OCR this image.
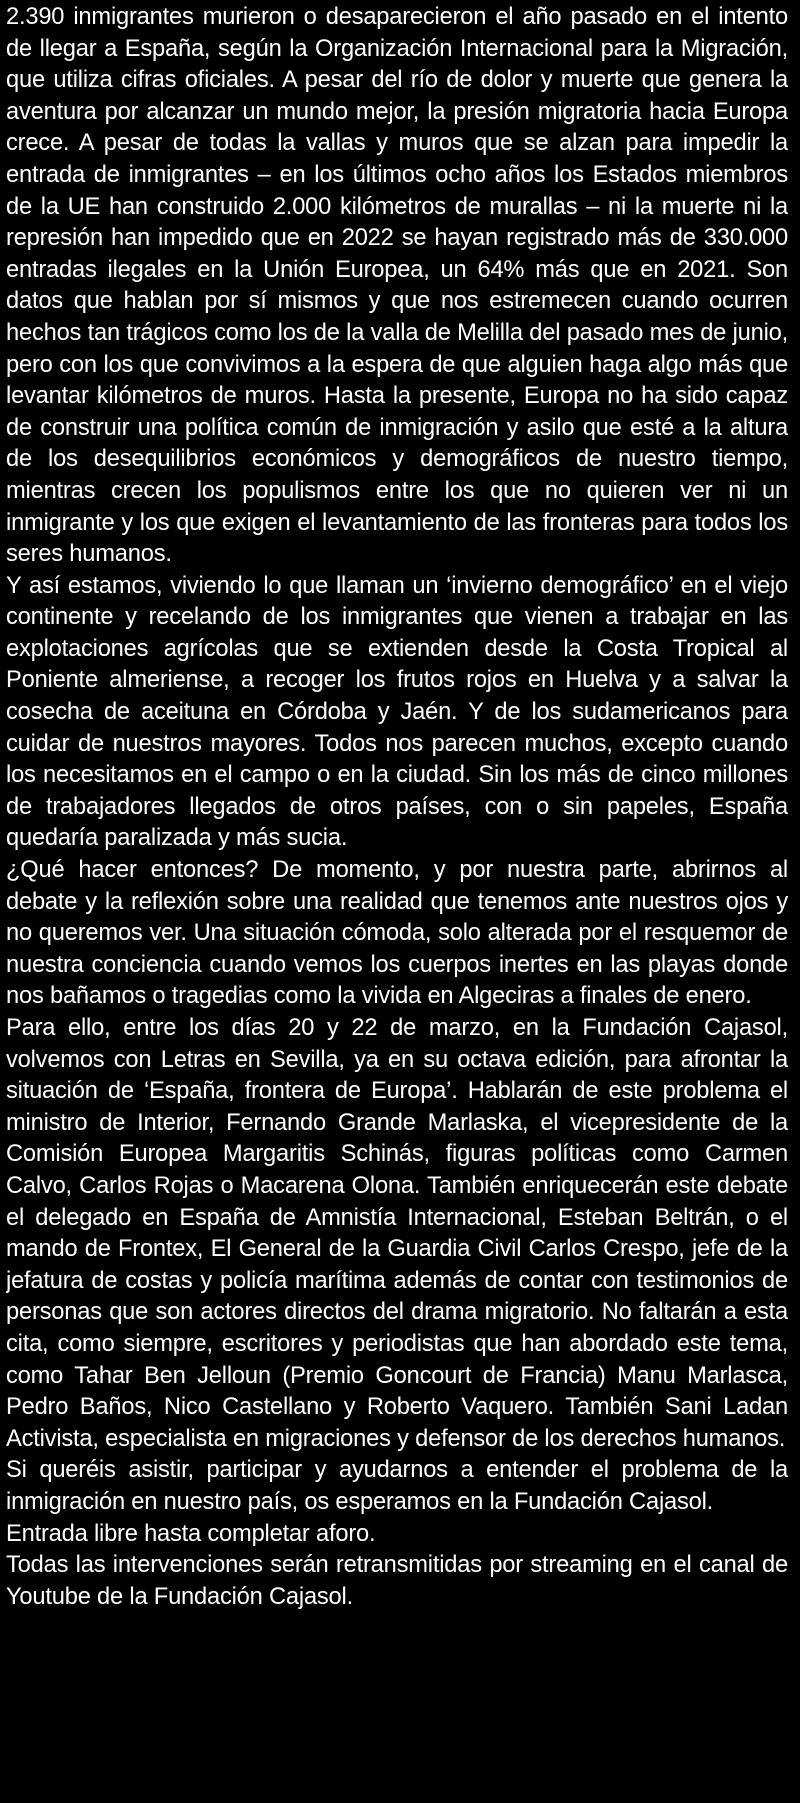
2.390 inmigrantes murieron o desaparecieron el año pasado en el intento de llegar a España, según la Organización Internacional para la Migración, que utiliza cifras oficiales. A pesar del río de dolor y muerte que genera la aventura por alcanzar un mundo mejor, la presión migratoria hacia Europa crece. A pesar de todas la vallas y muros que se alzan para impedir la entrada de inmigrantes – en los últimos ocho años los Estados miembros de la UE han construido 2.000 kilómetros de murallas – ni la muerte ni la represión han impedido que en 2022 se hayan registrado más de 330.000 entradas ilegales en la Unión Europea, un 64% más que en 2021. Son datos que hablan por sí mismos y que nos estremecen cuando ocurren hechos tan trágicos como los de la valla de Melilla del pasado mes de junio, pero con los que convivimos a la espera de que alguien haga algo más que levantar kilómetros de muros. Hasta la presente, Europa no ha sido capaz de construir una política común de inmigración y asilo que esté a la altura de los desequilibrios económicos y demográficos de nuestro tiempo, mientras crecen los populismos entre los que no quieren ver ni un inmigrante y los que exigen el levantamiento de las fronteras para todos los seres humanos.

Y así estamos, viviendo lo que llaman un ‘invierno demográfico’ en el viejo continente y recelando de los inmigrantes que vienen a trabajar en las explotaciones agrícolas que se extienden desde la Costa Tropical al Poniente almeriense, a recoger los frutos rojos en Huelva y a salvar la cosecha de aceituna en Córdoba y Jaén. Y de los sudamericanos para cuidar de nuestros mayores. Todos nos parecen muchos, excepto cuando los necesitamos en el campo o en la ciudad. Sin los más de cinco millones de trabajadores llegados de otros países, con o sin papeles, España quedaría paralizada y más sucia.

¿Qué hacer entonces? De momento, y por nuestra parte, abrirnos al debate y la reflexión sobre una realidad que tenemos ante nuestros ojos y no queremos ver. Una situación cómoda, solo alterada por el resquemor de nuestra conciencia cuando vemos los cuerpos inertes en las playas donde nos bañamos o tragedias como la vivida en Algeciras a finales de enero.

Para ello, entre los días 20 y 22 de marzo, en la Fundación Cajasol, volvemos con Letras en Sevilla, ya en su octava edición, para afrontar la situación de ‘España, frontera de Europa’. Hablarán de este problema el ministro de Interior, Fernando Grande Marlaska, el vicepresidente de la Comisión Europea Margaritis Schinás, figuras políticas como Carmen Calvo, Carlos Rojas o Macarena Olona. También enriquecerán este debate el delegado en España de Amnistía Internacional, Esteban Beltrán, o el mando de Frontex, El General de la Guardia Civil Carlos Crespo, jefe de la jefatura de costas y policía marítima además de contar con testimonios de personas que son actores directos del drama migratorio. No faltarán a esta cita, como siempre, escritores y periodistas que han abordado este tema, como Tahar Ben Jelloun (Premio Goncourt de Francia) Manu Marlasca, Pedro Baños, Nico Castellano y Roberto Vaquero. También Sani Ladan Activista, especialista en migraciones y defensor de los derechos humanos.

Si queréis asistir, participar y ayudarnos a entender el problema de la inmigración en nuestro país, os esperamos en la Fundación Cajasol.

Entrada libre hasta completar aforo.

Todas las intervenciones serán retransmitidas por streaming en el canal de Youtube de la Fundación Cajasol.
